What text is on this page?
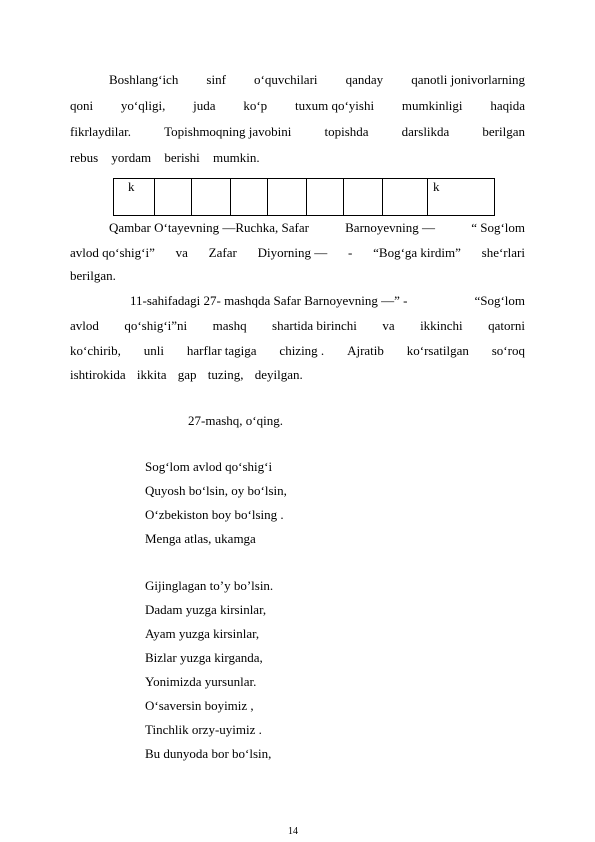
Boshlang‘ich sinf o‘quvchilari qanday qanotli jonivorlarning
qoni yo‘qligi, juda ko‘p tuxum qo‘yishi mumkinligi haqida
fikrlaydilar.	Topishmoqning javobini	topishda	darslikda	berilgan
rebus yordam berishi mumkin.
k								k
Qambar O‘tayevning —Ruchka, Safar	Barnoyevning —	“ Sog‘lom
avlod qo‘shig‘i” va Zafar Diyorning — - “Bog‘ga kirdim” she‘rlari
berilgan.
11-sahifadagi 27- mashqda Safar Barnoyevning —” -	“Sog‘lom
avlod qo‘shig‘i”ni mashq shartida birinchi va ikkinchi qatorni
ko‘chirib, unli harflar tagiga chizing . Ajratib ko‘rsatilgan so‘roq
ishtirokida ikkita gap tuzing, deyilgan.
27-mashq, o‘qing.
Sog‘lom avlod qo‘shig‘i
Quyosh bo‘lsin, oy bo‘lsin,
O‘zbekiston boy bo‘lsing .
Menga atlas, ukamga
Gijinglagan to’y bo’lsin.
Dadam yuzga kirsinlar,
Ayam yuzga kirsinlar,
Bizlar yuzga kirganda,
Yonimizda yursunlar.
O‘saversin boyimiz ,
Tinchlik orzy-uyimiz .
Bu dunyoda bor bo‘lsin,
14
